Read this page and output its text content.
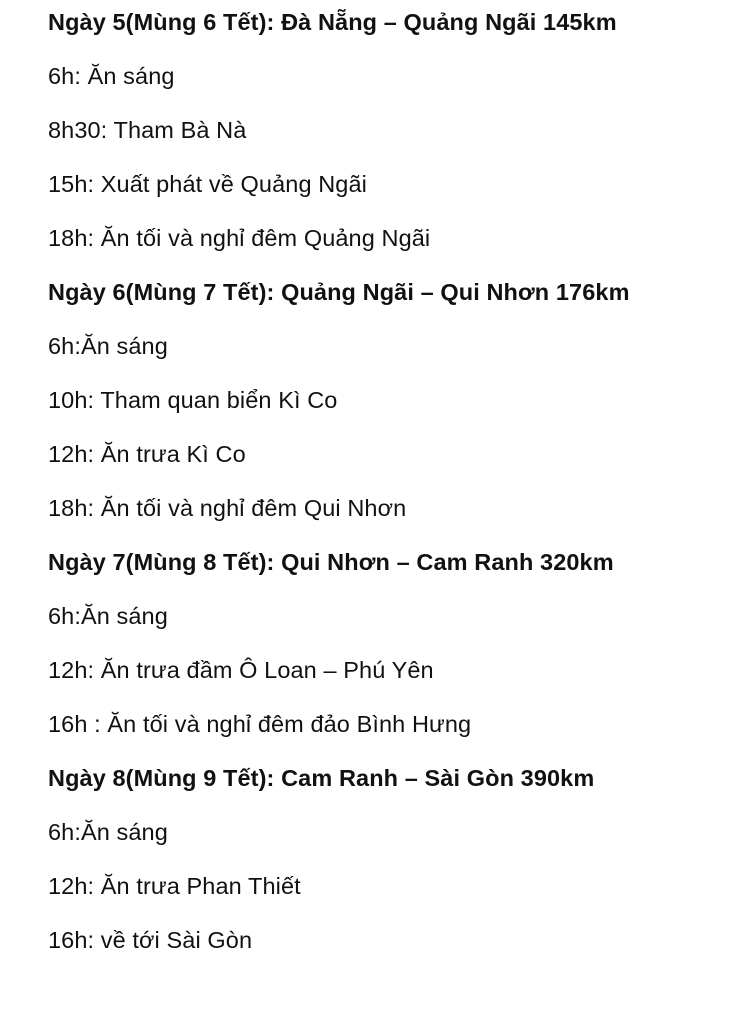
Ngày 5(Mùng 6 Tết): Đà Nẵng – Quảng Ngãi 145km
6h: Ăn sáng
8h30: Tham Bà Nà
15h: Xuất phát về Quảng Ngãi
18h: Ăn tối và nghỉ đêm Quảng Ngãi
Ngày 6(Mùng 7 Tết): Quảng Ngãi – Qui Nhơn 176km
6h:Ăn sáng
10h: Tham quan biển Kì Co
12h: Ăn trưa Kì Co
18h: Ăn tối và nghỉ đêm Qui Nhơn
Ngày 7(Mùng 8 Tết): Qui Nhơn – Cam Ranh 320km
6h:Ăn sáng
12h: Ăn trưa đầm Ô Loan – Phú Yên
16h : Ăn tối và nghỉ đêm đảo Bình Hưng
Ngày 8(Mùng 9 Tết): Cam Ranh – Sài Gòn 390km
6h:Ăn sáng
12h: Ăn trưa Phan Thiết
16h: về tới Sài Gòn
